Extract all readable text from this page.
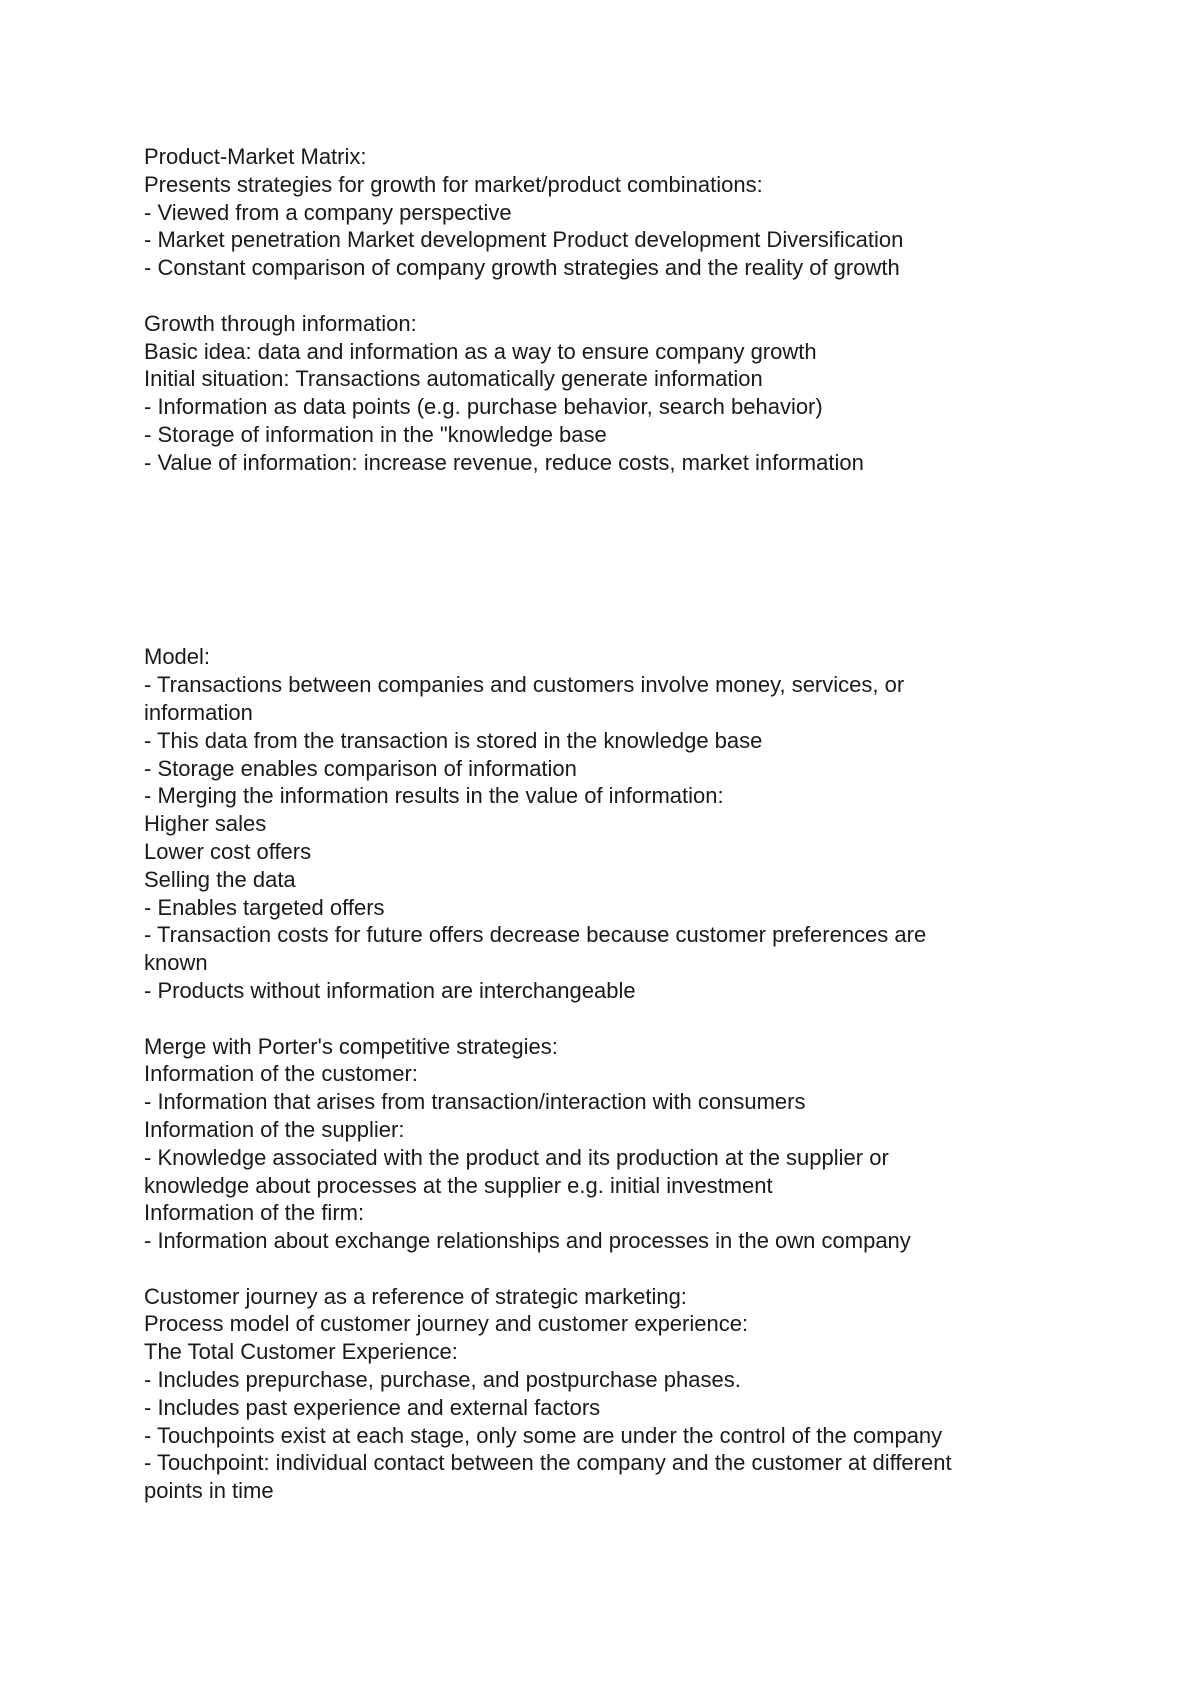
Product-Market Matrix:
Presents strategies for growth for market/product combinations:
- Viewed from a company perspective
- Market penetration Market development Product development Diversification
- Constant comparison of company growth strategies and the reality of growth
Growth through information:
Basic idea: data and information as a way to ensure company growth
Initial situation: Transactions automatically generate information
- Information as data points (e.g. purchase behavior, search behavior)
- Storage of information in the "knowledge base
- Value of information: increase revenue, reduce costs, market information
Model:
- Transactions between companies and customers involve money, services, or
information
- This data from the transaction is stored in the knowledge base
- Storage enables comparison of information
- Merging the information results in the value of information:
Higher sales
Lower cost offers
Selling the data
- Enables targeted offers
- Transaction costs for future offers decrease because customer preferences are
known
- Products without information are interchangeable
Merge with Porter's competitive strategies:
Information of the customer:
- Information that arises from transaction/interaction with consumers
Information of the supplier:
- Knowledge associated with the product and its production at the supplier or
knowledge about processes at the supplier e.g. initial investment
Information of the firm:
- Information about exchange relationships and processes in the own company
Customer journey as a reference of strategic marketing:
Process model of customer journey and customer experience:
The Total Customer Experience:
- Includes prepurchase, purchase, and postpurchase phases.
- Includes past experience and external factors
- Touchpoints exist at each stage, only some are under the control of the company
- Touchpoint: individual contact between the company and the customer at different
points in time
